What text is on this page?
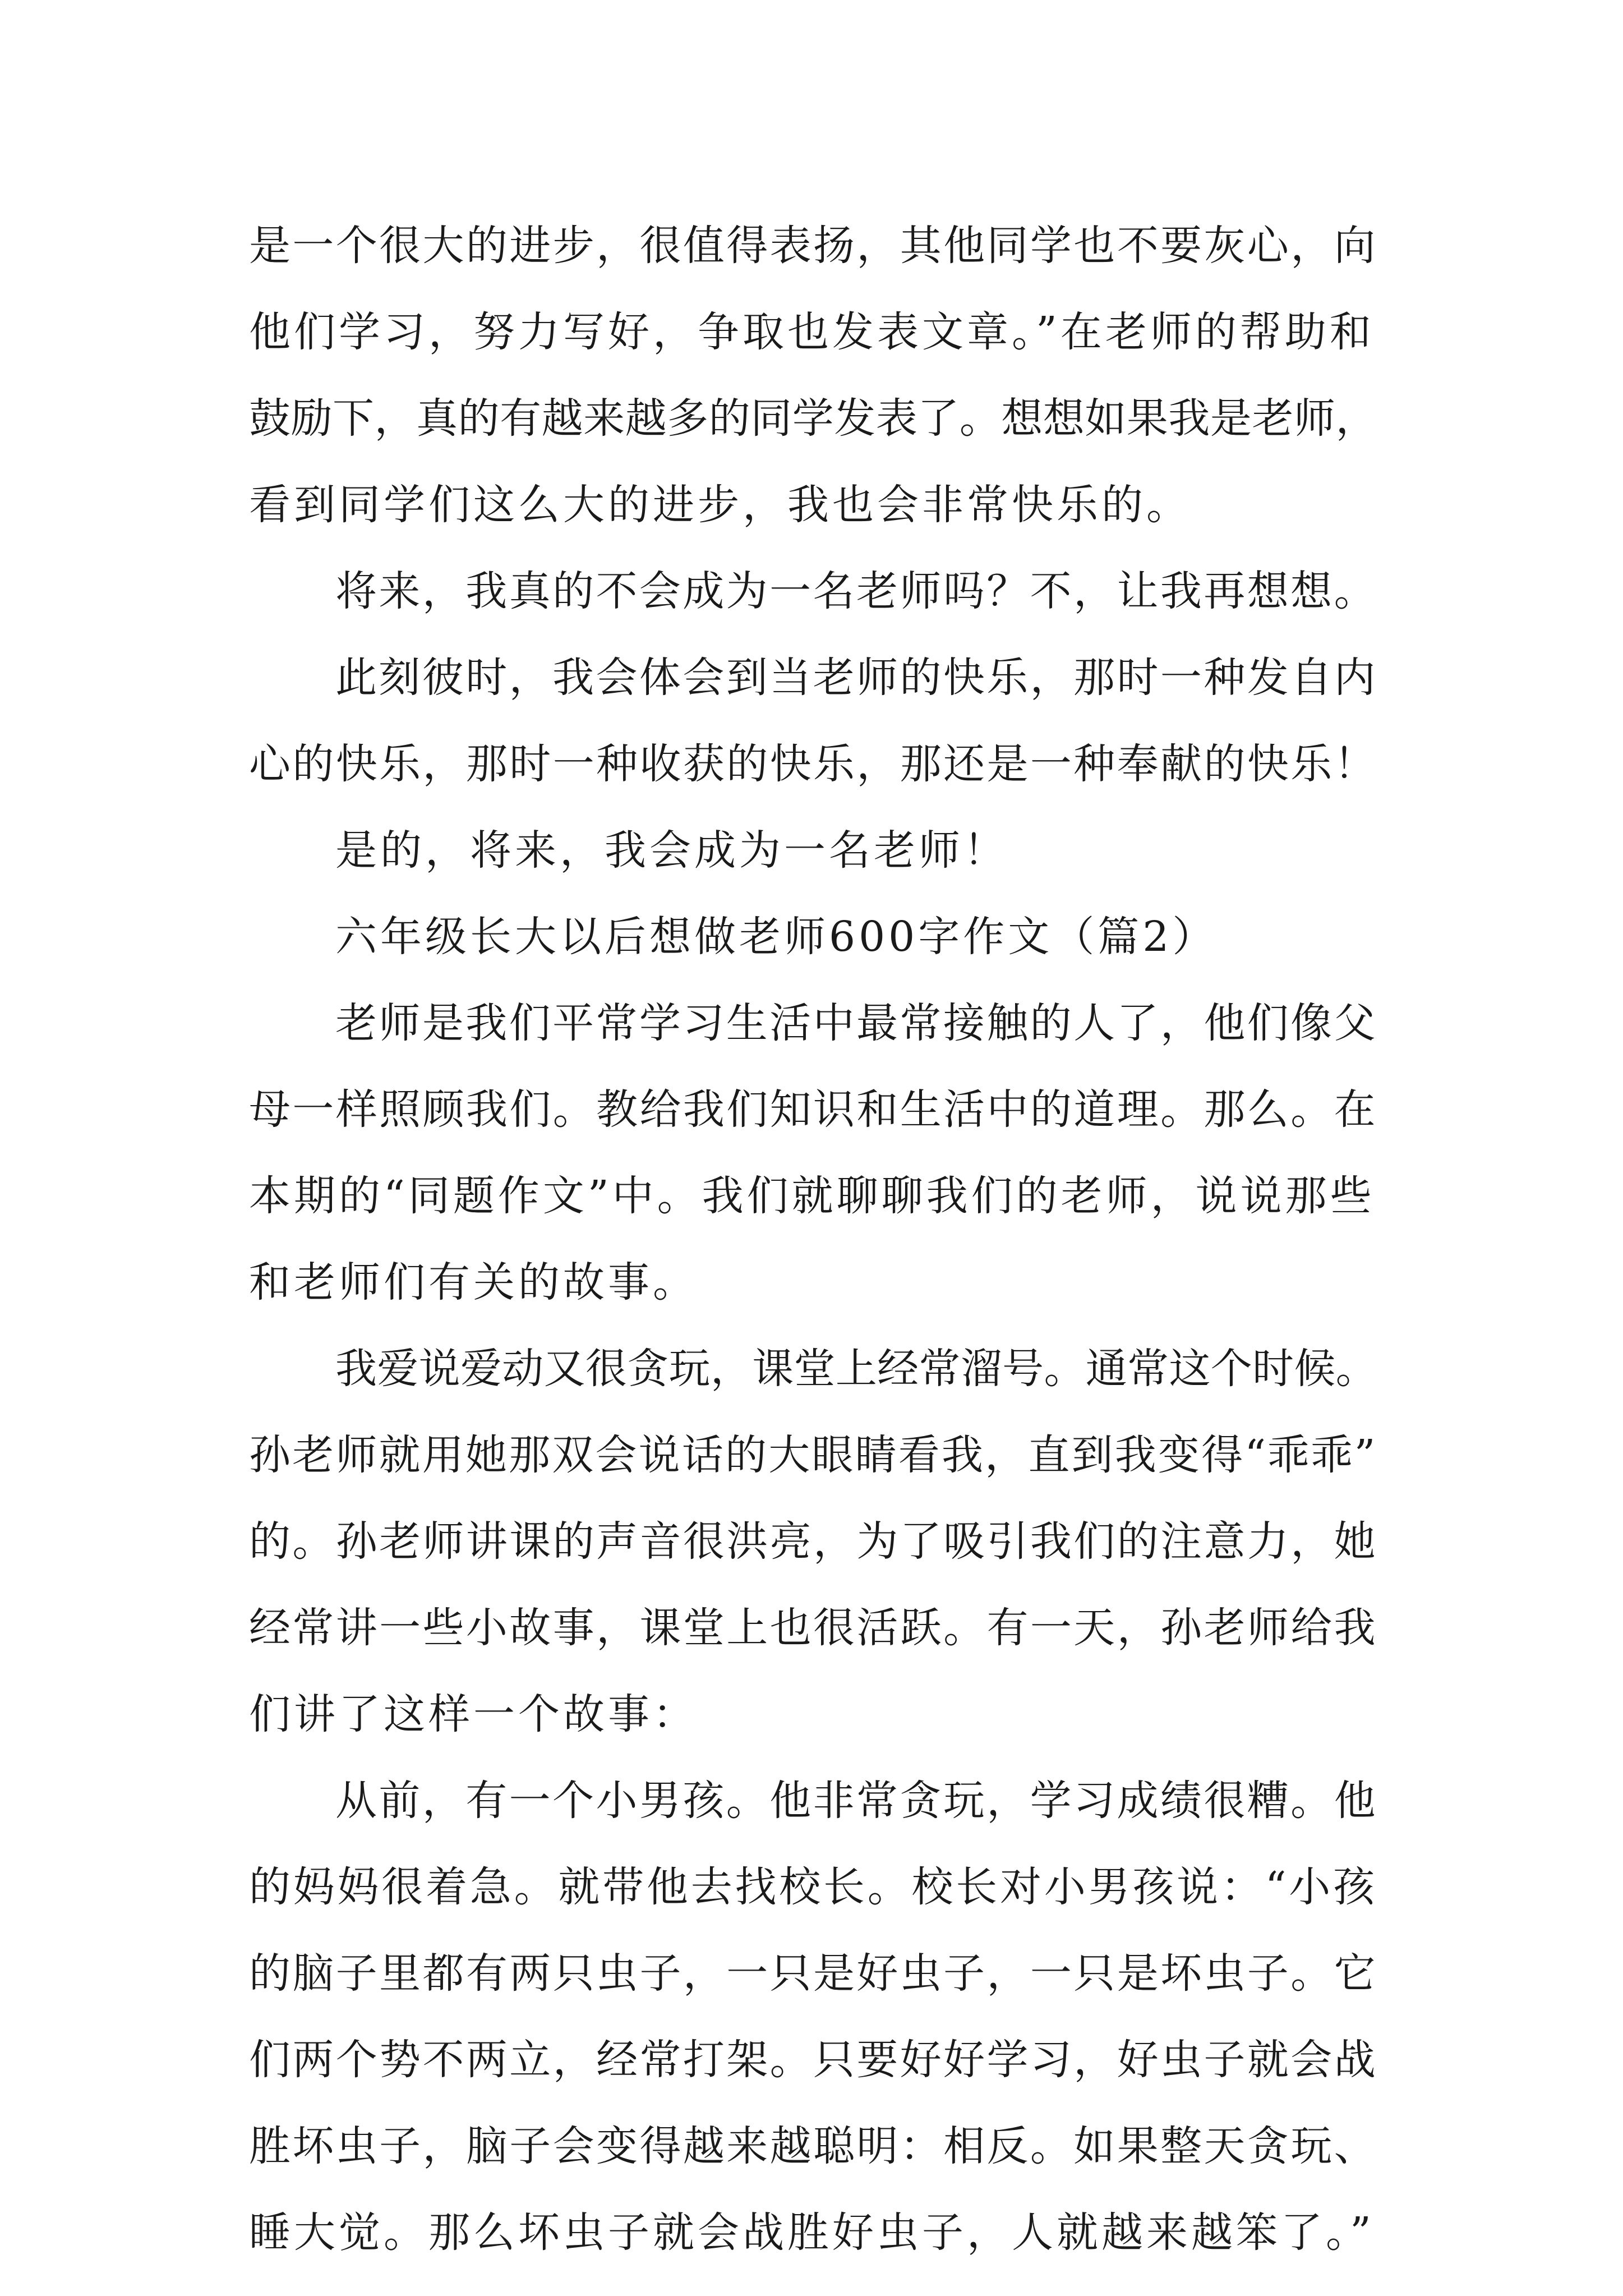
是一个很大的进步，很值得表扬，其他同学也不要灰心，向
他们学习，努力写好，争取也发表文章。”在老师的帮助和
鼓励下，真的有越来越多的同学发表了。想想如果我是老师，
看到同学们这么大的进步，我也会非常快乐的。
将来，我真的不会成为一名老师吗？不，让我再想想。
此刻彼时，我会体会到当老师的快乐，那时一种发自内
心的快乐，那时一种收获的快乐，那还是一种奉献的快乐！
是的，将来，我会成为一名老师！
六年级长大以后想做老师600字作文（篇2）
老师是我们平常学习生活中最常接触的人了，他们像父
母一样照顾我们。教给我们知识和生活中的道理。那么。在
本期的“同题作文”中。我们就聊聊我们的老师，说说那些
和老师们有关的故事。
我爱说爱动又很贪玩，课堂上经常溜号。通常这个时候。
孙老师就用她那双会说话的大眼睛看我，直到我变得“乖乖”
的。孙老师讲课的声音很洪亮，为了吸引我们的注意力，她
经常讲一些小故事，课堂上也很活跃。有一天，孙老师给我
们讲了这样一个故事：
从前，有一个小男孩。他非常贪玩，学习成绩很糟。他
的妈妈很着急。就带他去找校长。校长对小男孩说：“小孩
的脑子里都有两只虫子，一只是好虫子，一只是坏虫子。它
们两个势不两立，经常打架。只要好好学习，好虫子就会战
胜坏虫子，脑子会变得越来越聪明：相反。如果整天贪玩、
睡大觉。那么坏虫子就会战胜好虫子，人就越来越笨了。”
